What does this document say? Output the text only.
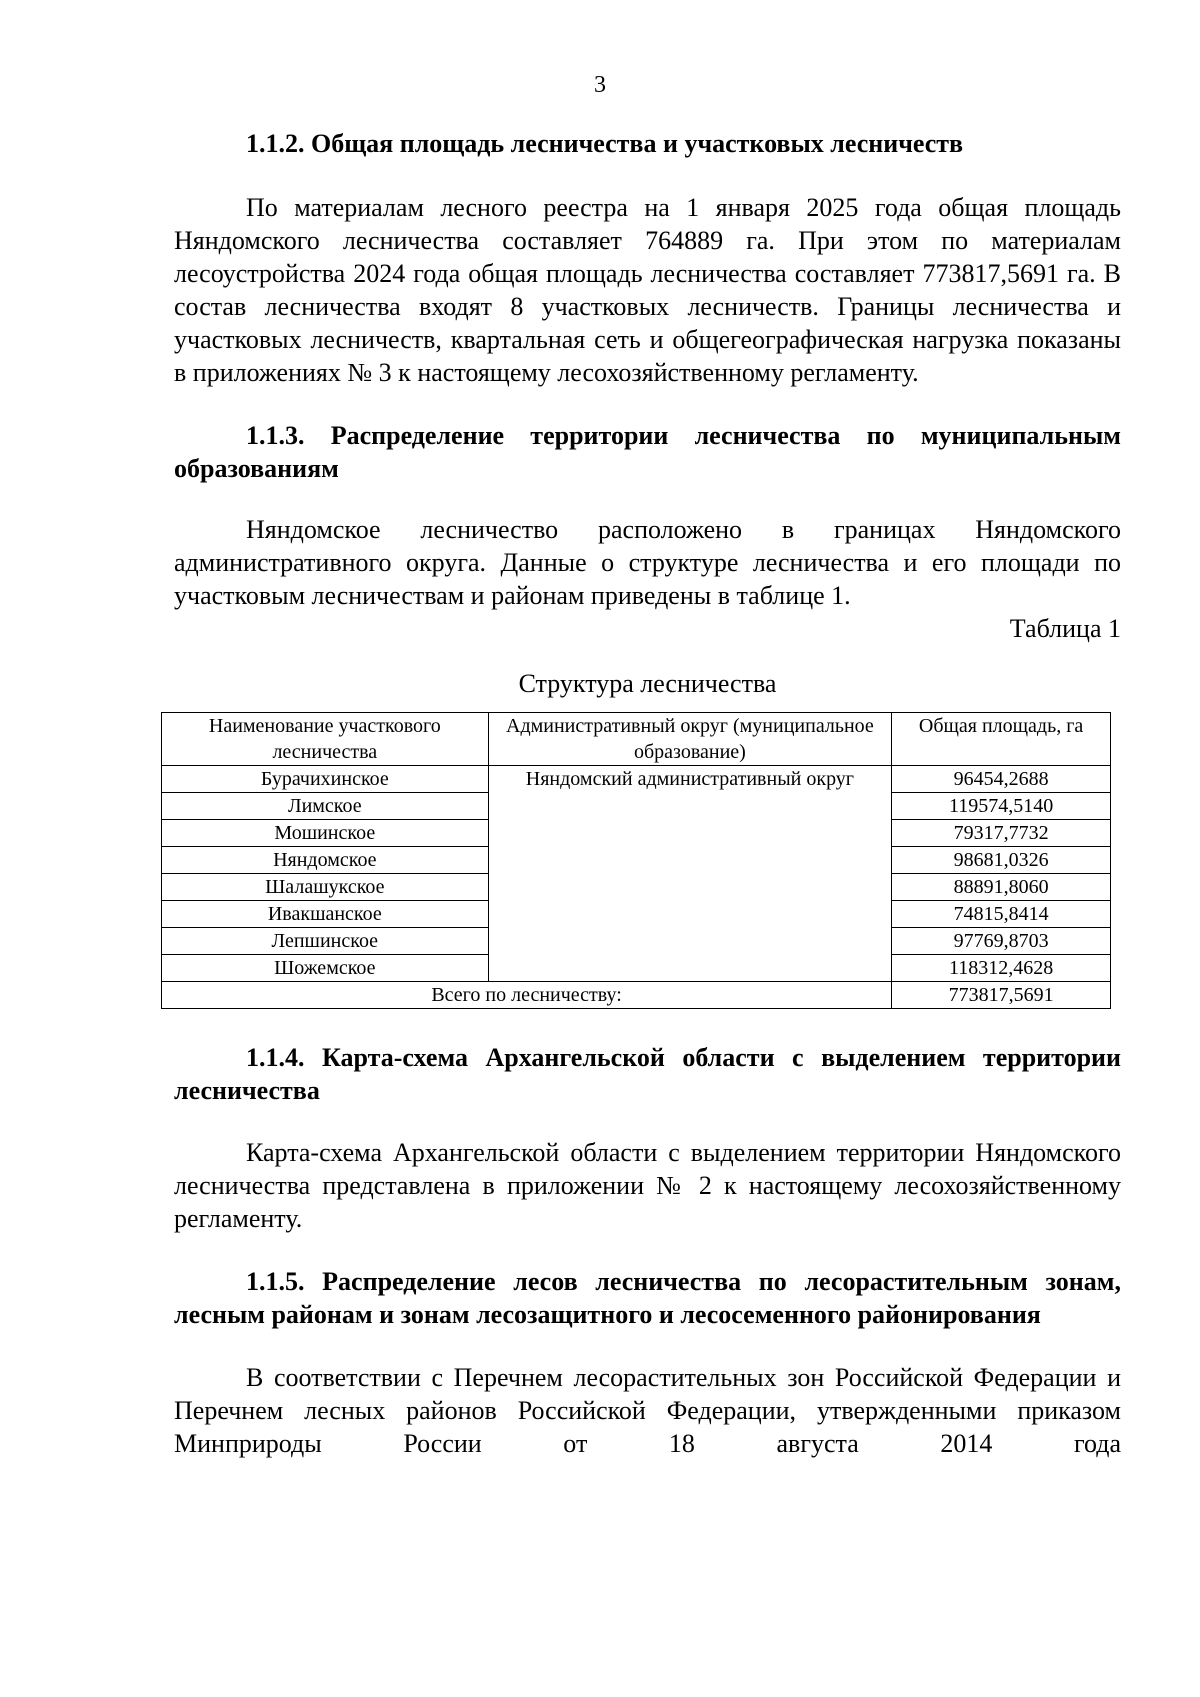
3

1.1.2. Общая площадь лесничества и участковых лесничеств

По материалам лесного реестра на 1 января 2025 года общая площадь Няндомского лесничества составляет 764889 га. При этом по материалам лесоустройства 2024 года общая площадь лесничества составляет 773817,5691 га. В состав лесничества входят 8 участковых лесничеств. Границы лесничества и участковых лесничеств, квартальная сеть и общегеографическая нагрузка показаны в приложениях № 3 к настоящему лесохозяйственному регламенту.

1.1.3. Распределение территории лесничества по муниципальным образованиям

Няндомское лесничество расположено в границах Няндомского административного округа. Данные о структуре лесничества и его площади по участковым лесничествам и районам приведены в таблице 1.

Таблица 1

Структура лесничества

Наименование участкового лесничества	Административный округ (муниципальное образование)	Общая площадь, га
Бурачихинское	Няндомский административный округ	96454,2688
Лимское		119574,5140
Мошинское		79317,7732
Няндомское		98681,0326
Шалашукское		88891,8060
Ивакшанское		74815,8414
Лепшинское		97769,8703
Шожемское		118312,4628
Всего по лесничеству:		773817,5691

1.1.4. Карта-схема Архангельской области с выделением территории лесничества

Карта-схема Архангельской области с выделением территории Няндомского лесничества представлена в приложении № 2 к настоящему лесохозяйственному регламенту.

1.1.5. Распределение лесов лесничества по лесорастительным зонам, лесным районам и зонам лесозащитного и лесосеменного районирования

В соответствии с Перечнем лесорастительных зон Российской Федерации и Перечнем лесных районов Российской Федерации, утвержденными приказом Минприроды России от 18 августа 2014 года
